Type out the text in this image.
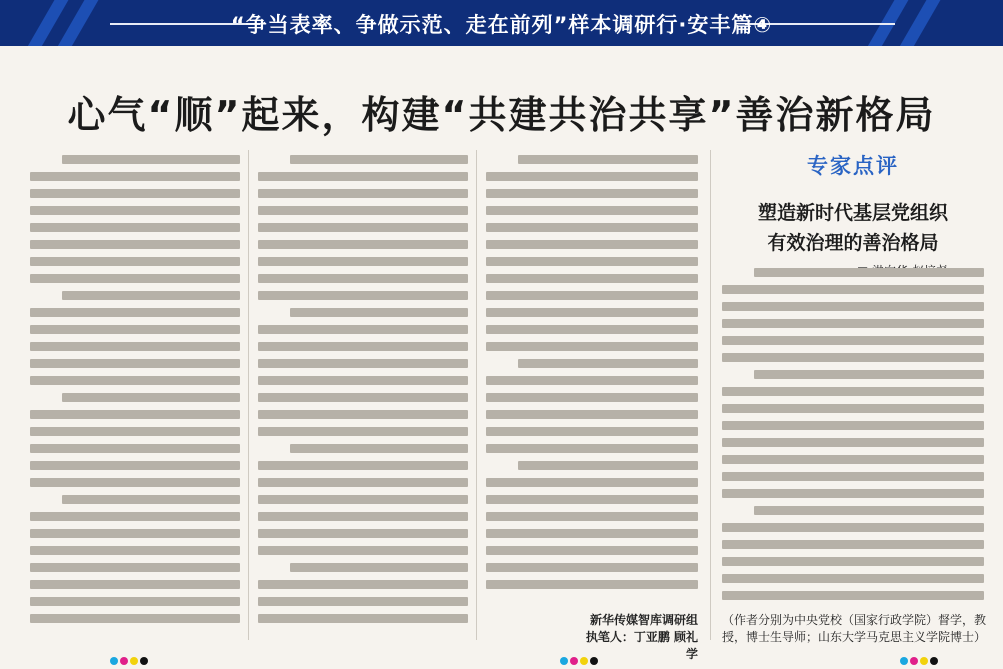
“争当表率、争做示范、走在前列”样本调研行·安丰篇④
心气“顺”起来，构建“共建共治共享”善治新格局
专家点评
塑造新时代基层党组织
有效治理的善治格局
新华传媒智库调研组
执笔人：丁亚鹏 顾礼学
（作者分别为中央党校（国家行政学院）督学，教
授，博士生导师；山东大学马克思主义学院博士）
